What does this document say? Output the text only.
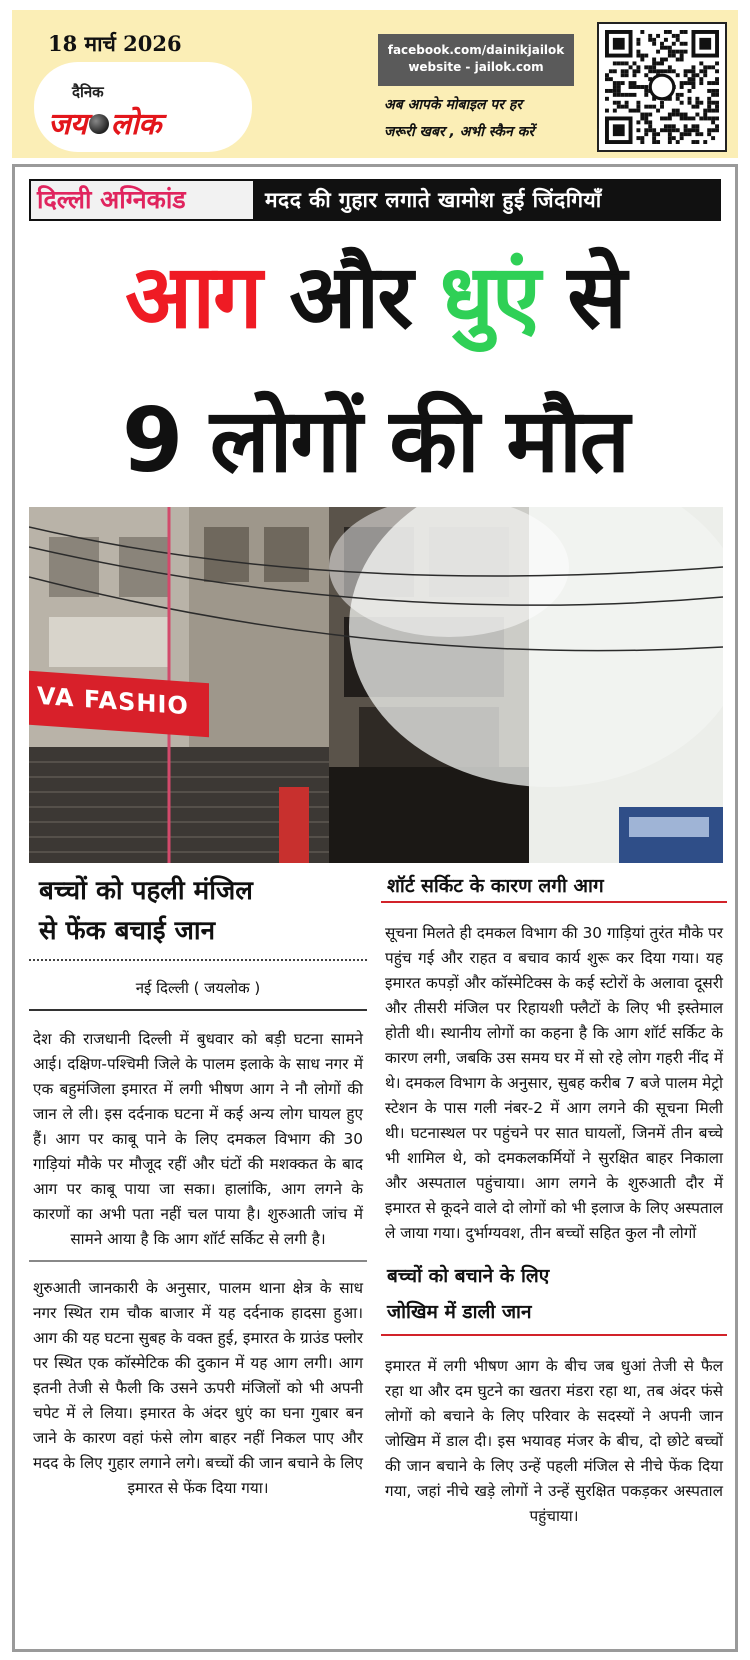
18 मार्च 2026
दैनिक
जय लोक
facebook.com/dainikjailok
website - jailok.com
अब आपके मोबाइल पर हर
जरूरी खबर , अभी स्कैन करें
दिल्ली अग्निकांड	मदद की गुहार लगाते खामोश हुई जिंदगियाँ
आग और धुएं से
9 लोगों की मौत
VA FASHIO
बच्चों को पहली मंजिल
से फेंक बचाई जान
नई दिल्ली ( जयलोक )

देश की राजधानी दिल्ली में बुधवार को बड़ी घटना सामने आई। दक्षिण-पश्चिमी जिले के पालम इलाके के साध नगर में एक बहुमंजिला इमारत में लगी भीषण आग ने नौ लोगों की जान ले ली। इस दर्दनाक घटना में कई अन्य लोग घायल हुए हैं। आग पर काबू पाने के लिए दमकल विभाग की 30 गाड़ियां मौके पर मौजूद रहीं और घंटों की मशक्कत के बाद आग पर काबू पाया जा सका। हालांकि, आग लगने के कारणों का अभी पता नहीं चल पाया है। शुरुआती जांच में सामने आया है कि आग शॉर्ट सर्किट से लगी है।

शुरुआती जानकारी के अनुसार, पालम थाना क्षेत्र के साध नगर स्थित राम चौक बाजार में यह दर्दनाक हादसा हुआ। आग की यह घटना सुबह के वक्त हुई, इमारत के ग्राउंड फ्लोर पर स्थित एक कॉस्मेटिक की दुकान में यह आग लगी। आग इतनी तेजी से फैली कि उसने ऊपरी मंजिलों को भी अपनी चपेट में ले लिया। इमारत के अंदर धुएं का घना गुबार बन जाने के कारण वहां फंसे लोग बाहर नहीं निकल पाए और मदद के लिए गुहार लगाने लगे। बच्चों की जान बचाने के लिए इमारत से फेंक दिया गया।

शॉर्ट सर्किट के कारण लगी आग

सूचना मिलते ही दमकल विभाग की 30 गाड़ियां तुरंत मौके पर पहुंच गई और राहत व बचाव कार्य शुरू कर दिया गया। यह इमारत कपड़ों और कॉस्मेटिक्स के कई स्टोरों के अलावा दूसरी और तीसरी मंजिल पर रिहायशी फ्लैटों के लिए भी इस्तेमाल होती थी। स्थानीय लोगों का कहना है कि आग शॉर्ट सर्किट के कारण लगी, जबकि उस समय घर में सो रहे लोग गहरी नींद में थे। दमकल विभाग के अनुसार, सुबह करीब 7 बजे पालम मेट्रो स्टेशन के पास गली नंबर-2 में आग लगने की सूचना मिली थी। घटनास्थल पर पहुंचने पर सात घायलों, जिनमें तीन बच्चे भी शामिल थे, को दमकलकर्मियों ने सुरक्षित बाहर निकाला और अस्पताल पहुंचाया। आग लगने के शुरुआती दौर में इमारत से कूदने वाले दो लोगों को भी इलाज के लिए अस्पताल ले जाया गया। दुर्भाग्यवश, तीन बच्चों सहित कुल नौ लोगों

बच्चों को बचाने के लिए
जोखिम में डाली जान

इमारत में लगी भीषण आग के बीच जब धुआं तेजी से फैल रहा था और दम घुटने का खतरा मंडरा रहा था, तब अंदर फंसे लोगों को बचाने के लिए परिवार के सदस्यों ने अपनी जान जोखिम में डाल दी। इस भयावह मंजर के बीच, दो छोटे बच्चों की जान बचाने के लिए उन्हें पहली मंजिल से नीचे फेंक दिया गया, जहां नीचे खड़े लोगों ने उन्हें सुरक्षित पकड़कर अस्पताल पहुंचाया।
